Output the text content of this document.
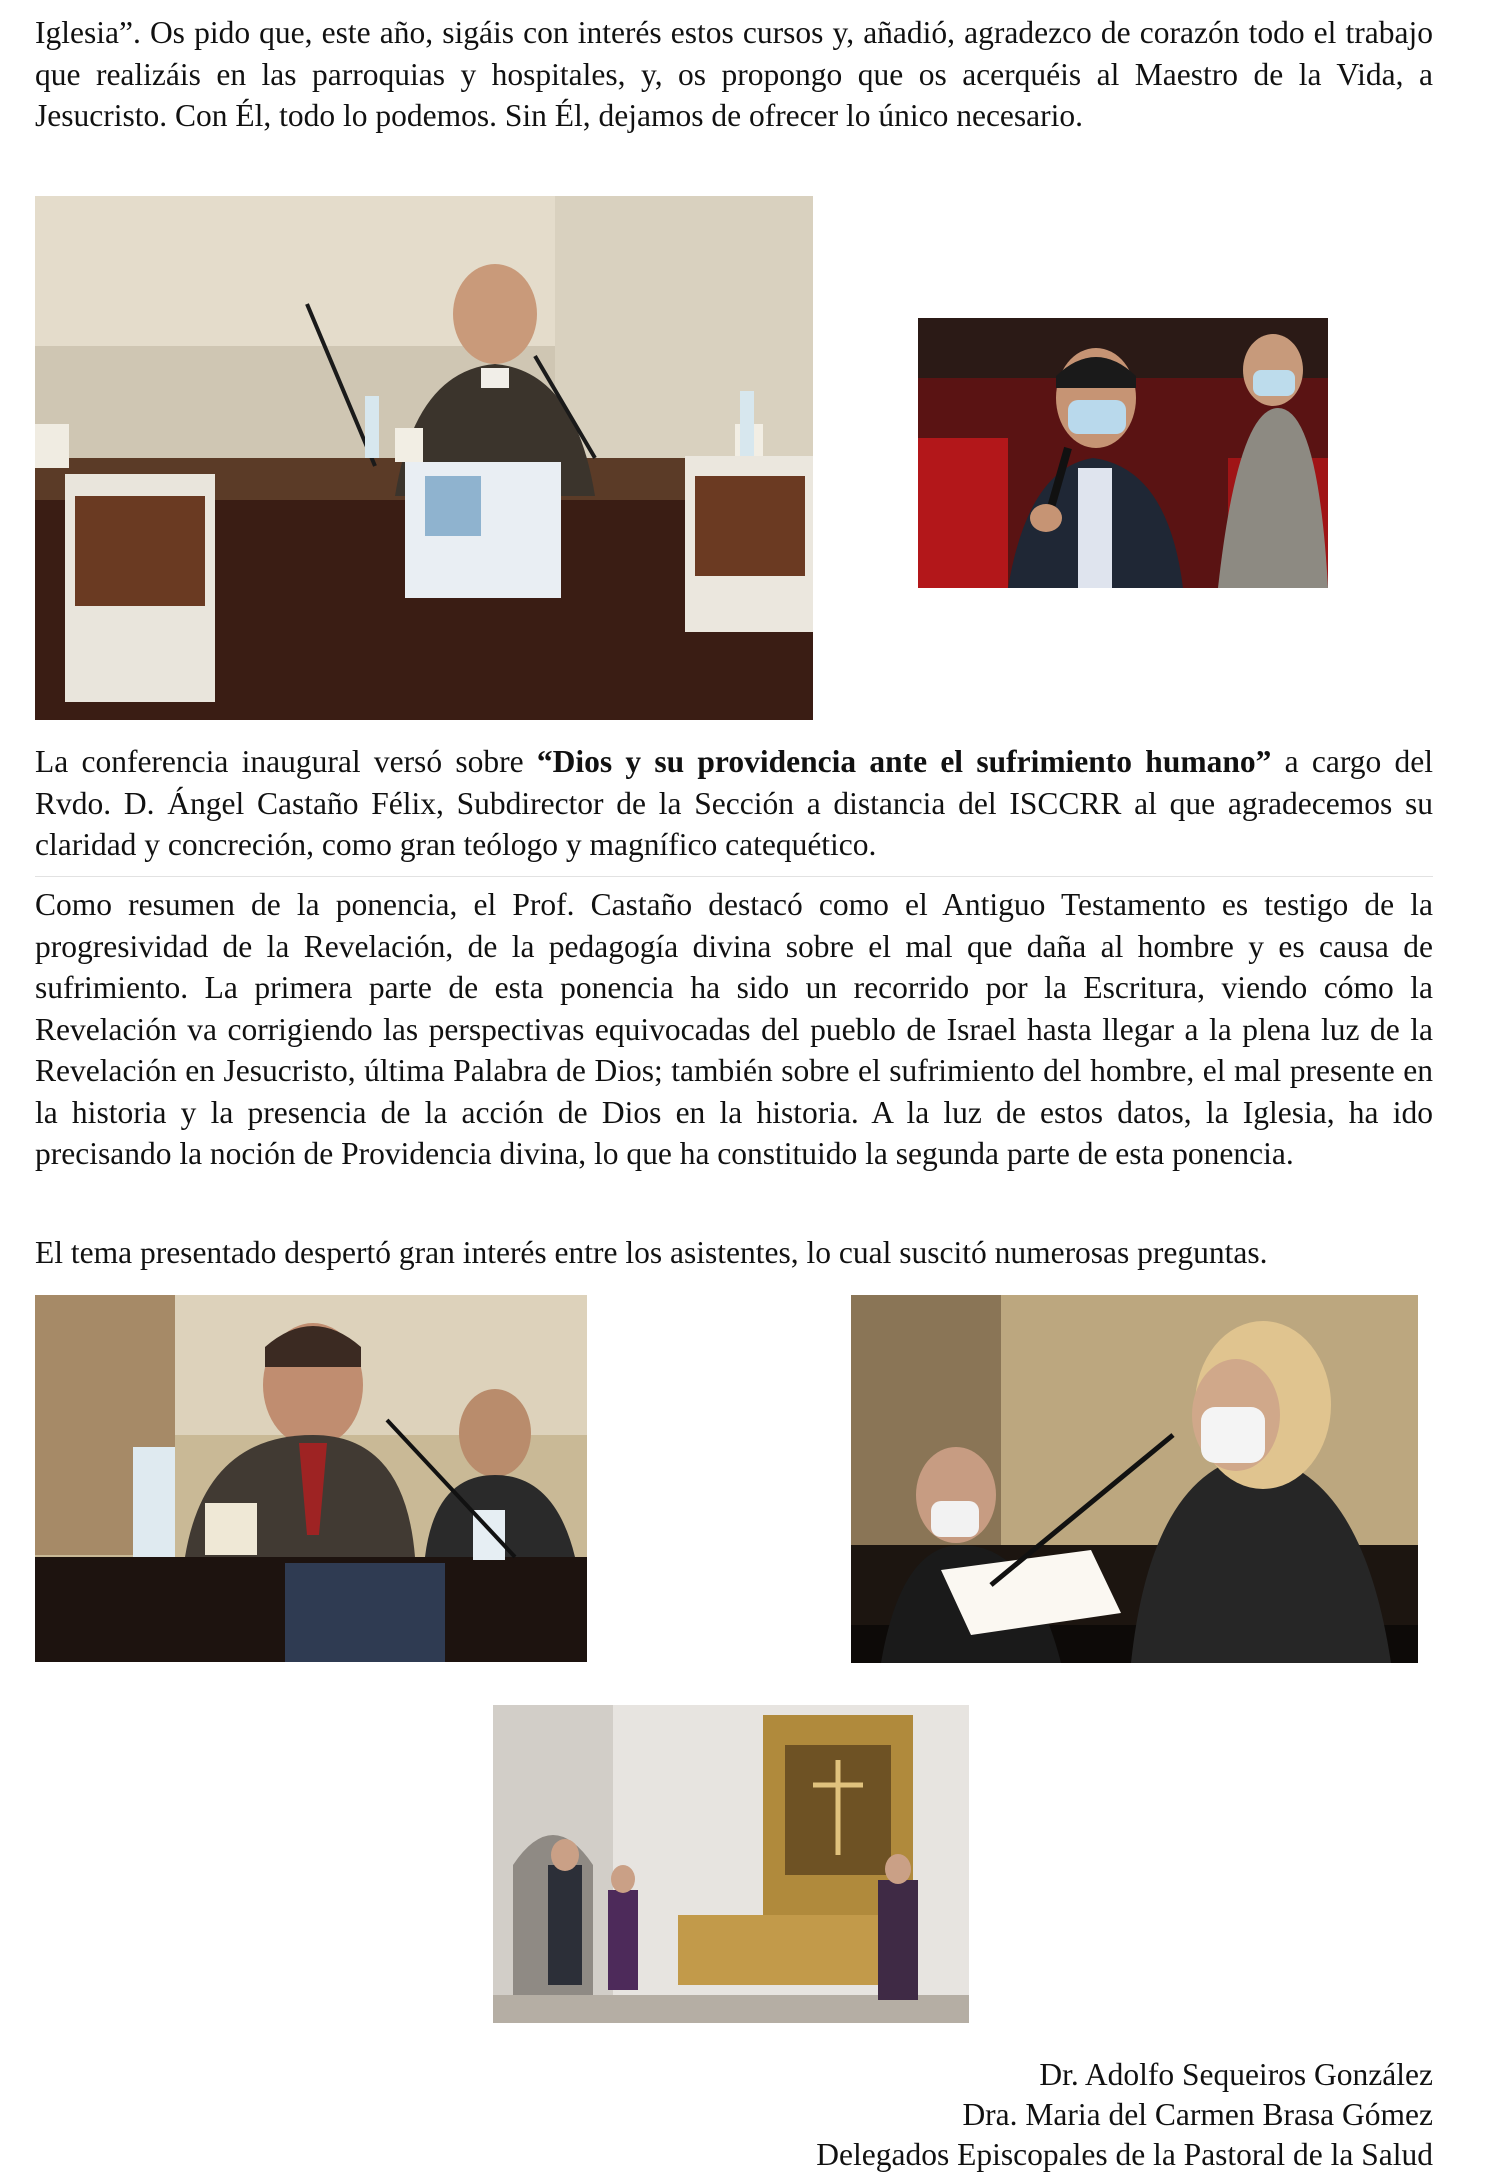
Iglesia”. Os pido que, este año, sigáis con interés estos cursos y, añadió, agradezco de corazón todo el trabajo que realizáis en las parroquias y hospitales, y, os propongo que os acerquéis al Maestro de la Vida, a Jesucristo. Con Él, todo lo podemos. Sin Él, dejamos de ofrecer lo único necesario.

La conferencia inaugural versó sobre “Dios y su providencia ante el sufrimiento humano” a cargo del Rvdo. D. Ángel Castaño Félix, Subdirector de la Sección a distancia del ISCCRR al que agradecemos su claridad y concreción, como gran teólogo y magnífico catequético.

Como resumen de la ponencia, el Prof. Castaño destacó como el Antiguo Testamento es testigo de la progresividad de la Revelación, de la pedagogía divina sobre el mal que daña al hombre y es causa de sufrimiento. La primera parte de esta ponencia ha sido un recorrido por la Escritura, viendo cómo la Revelación va corrigiendo las perspectivas equivocadas del pueblo de Israel hasta llegar a la plena luz de la Revelación en Jesucristo, última Palabra de Dios; también sobre el sufrimiento del hombre, el mal presente en la historia y la presencia de la acción de Dios en la historia. A la luz de estos datos, la Iglesia, ha ido precisando la noción de Providencia divina, lo que ha constituido la segunda parte de esta ponencia.

El tema presentado despertó gran interés entre los asistentes, lo cual suscitó numerosas preguntas.

Dr. Adolfo Sequeiros González
Dra. Maria del Carmen Brasa Gómez
Delegados Episcopales de la Pastoral de la Salud
